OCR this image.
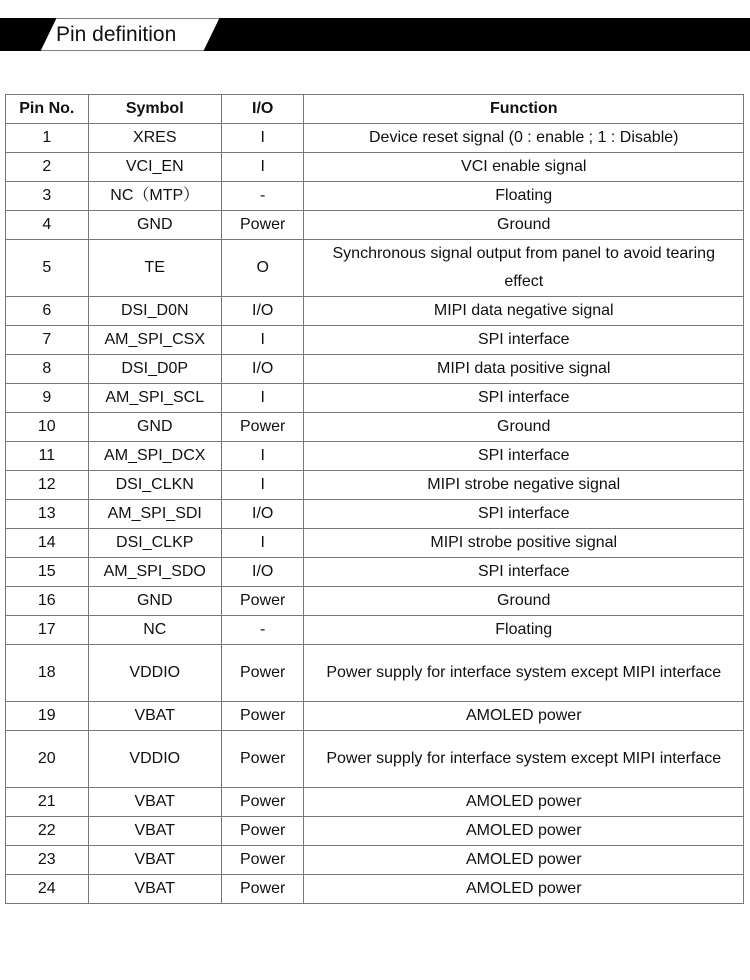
Pin definition
Pin No.	Symbol	I/O	Function
1	XRES	I	Device reset signal (0 : enable ; 1 : Disable)
2	VCI_EN	I	VCI enable signal
3	NC（MTP）	-	Floating
4	GND	Power	Ground
5	TE	O	Synchronous signal output from panel to avoid tearing effect
6	DSI_D0N	I/O	MIPI data negative signal
7	AM_SPI_CSX	I	SPI interface
8	DSI_D0P	I/O	MIPI data positive signal
9	AM_SPI_SCL	I	SPI interface
10	GND	Power	Ground
11	AM_SPI_DCX	I	SPI interface
12	DSI_CLKN	I	MIPI strobe negative signal
13	AM_SPI_SDI	I/O	SPI interface
14	DSI_CLKP	I	MIPI strobe positive signal
15	AM_SPI_SDO	I/O	SPI interface
16	GND	Power	Ground
17	NC	-	Floating
18	VDDIO	Power	Power supply for interface system except MIPI interface
19	VBAT	Power	AMOLED power
20	VDDIO	Power	Power supply for interface system except MIPI interface
21	VBAT	Power	AMOLED power
22	VBAT	Power	AMOLED power
23	VBAT	Power	AMOLED power
24	VBAT	Power	AMOLED power
